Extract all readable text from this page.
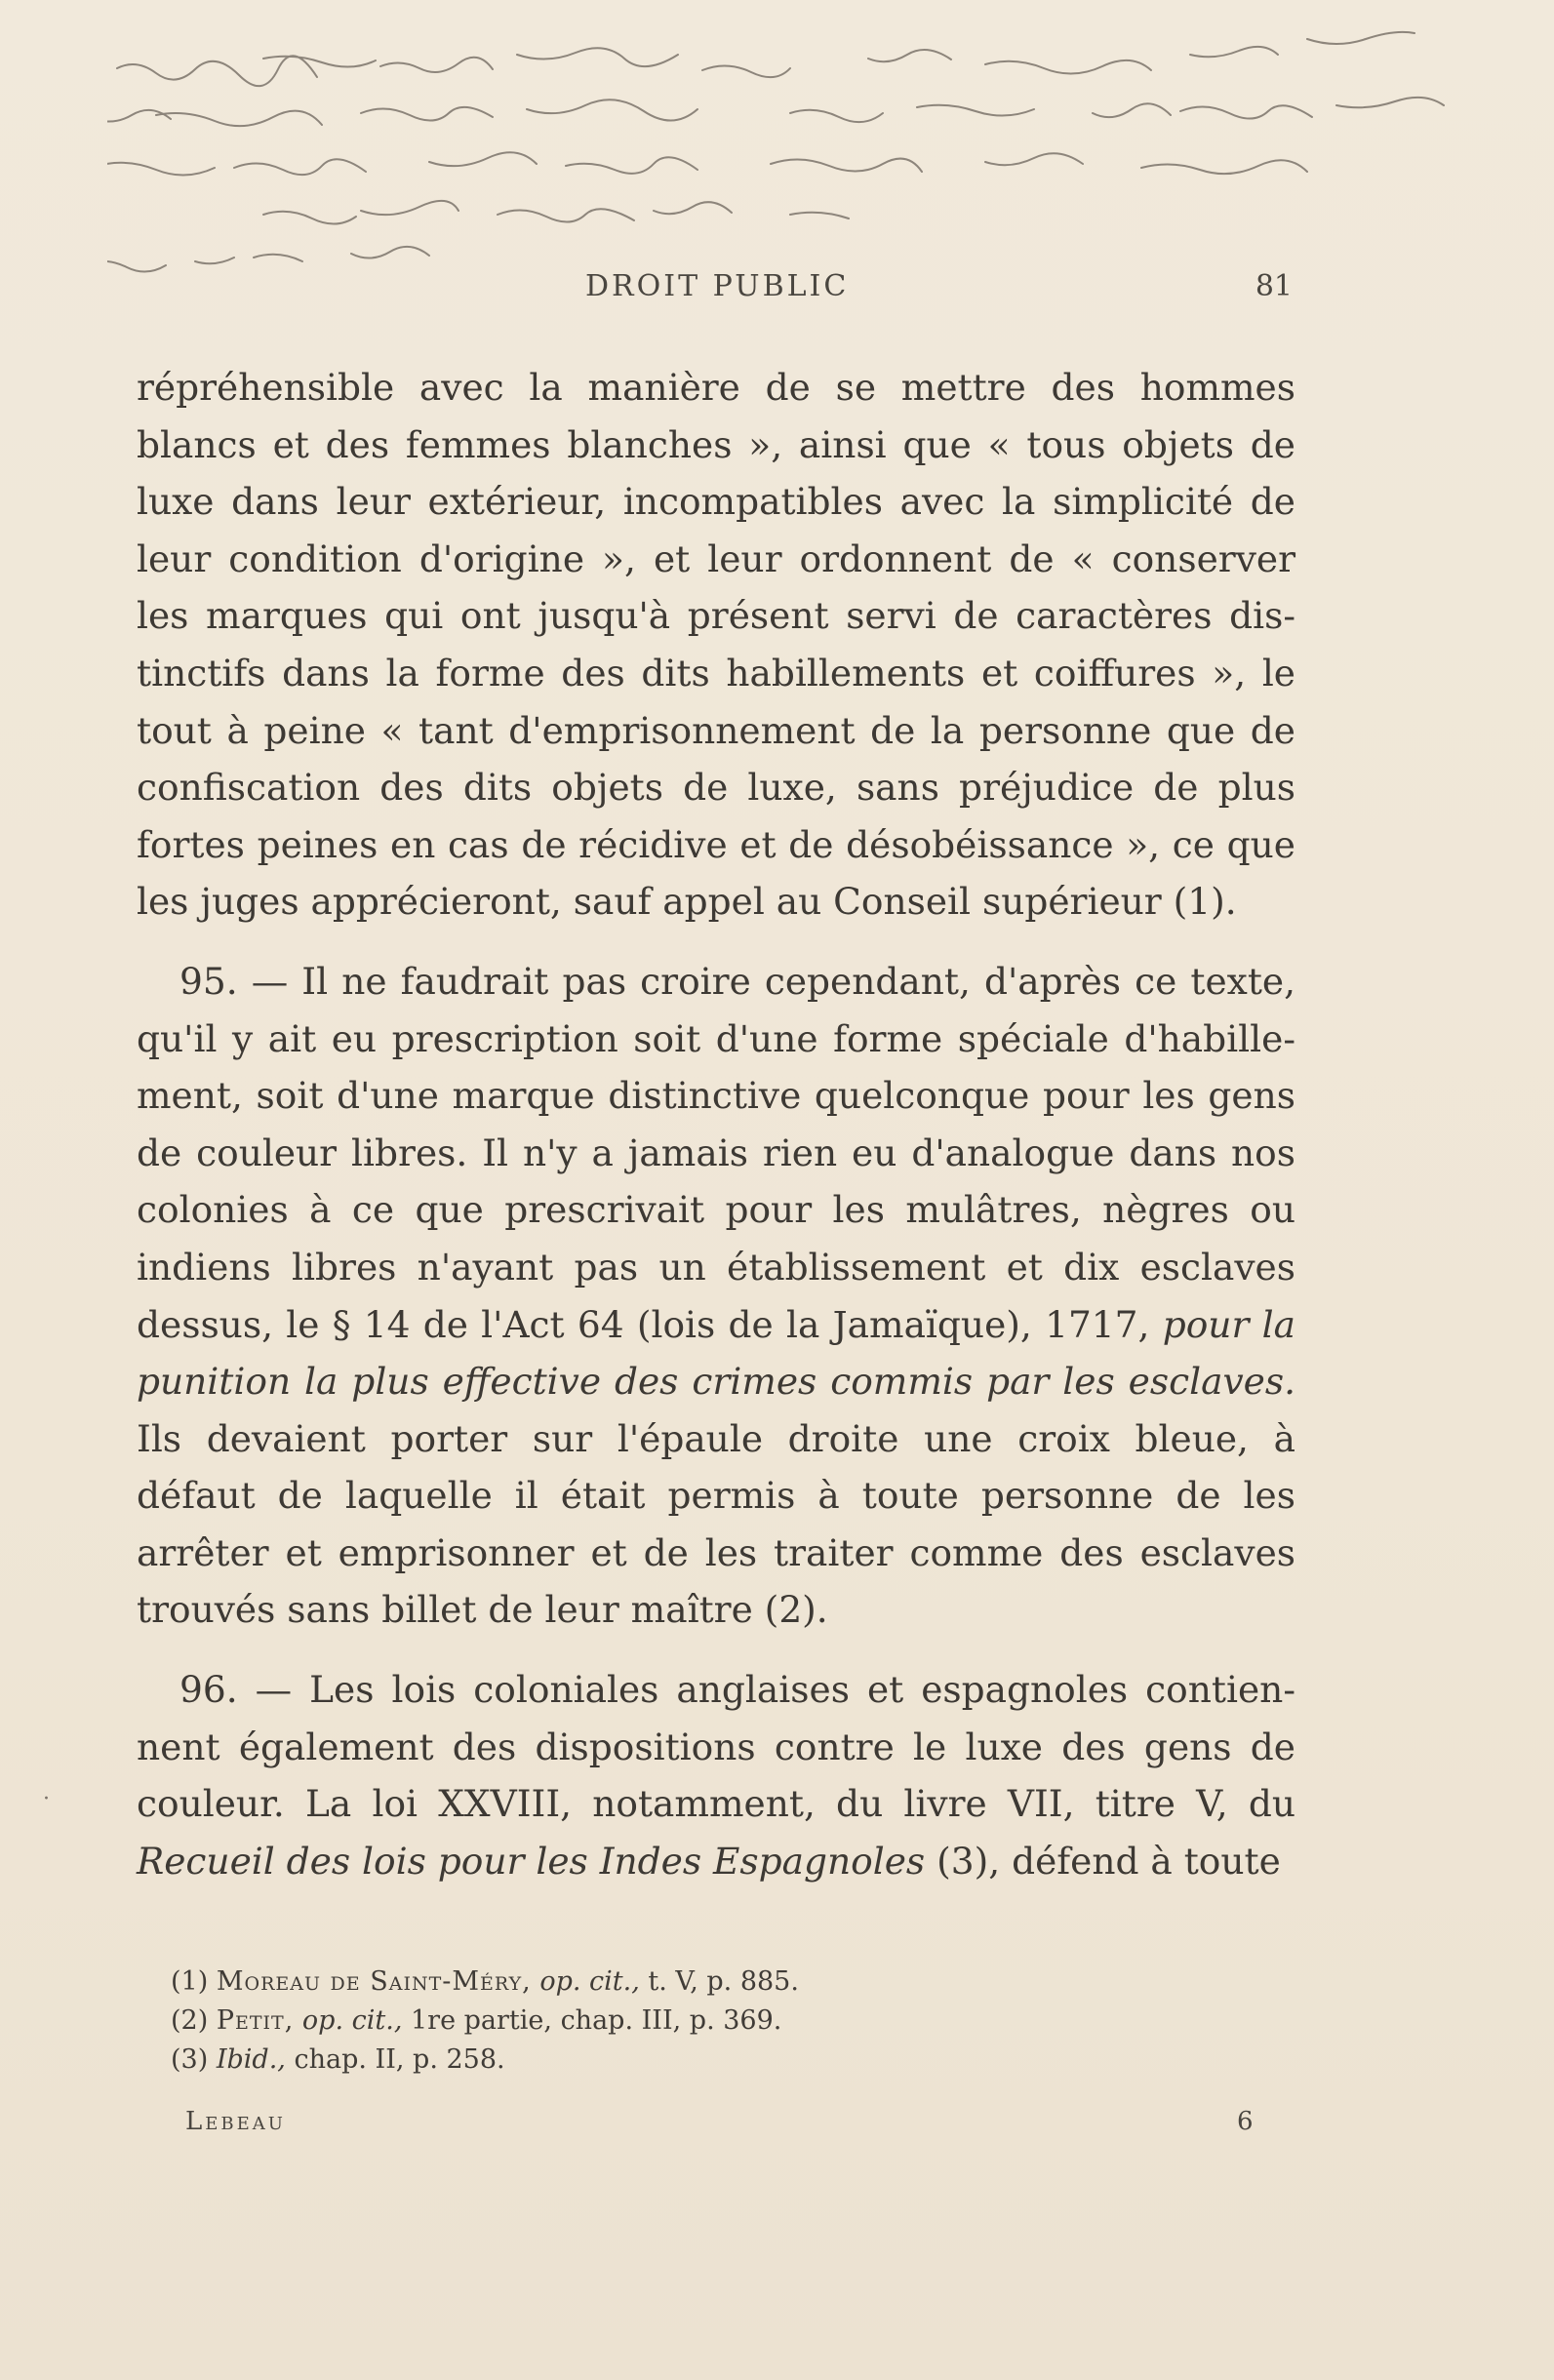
DROIT PUBLIC	81

répréhensible avec la manière de se mettre des hommes blancs et des femmes blanches », ainsi que « tous objets de luxe dans leur extérieur, incompatibles avec la simplicité de leur condition d'origine », et leur ordonnent de « conserver les marques qui ont jusqu'à présent servi de caractères dis-tinctifs dans la forme des dits habillements et coiffures », le tout à peine « tant d'emprisonnement de la personne que de confiscation des dits objets de luxe, sans préjudice de plus fortes peines en cas de récidive et de désobéissance », ce que les juges apprécieront, sauf appel au Conseil supérieur (1).

95. — Il ne faudrait pas croire cependant, d'après ce texte, qu'il y ait eu prescription soit d'une forme spéciale d'habille-ment, soit d'une marque distinctive quelconque pour les gens de couleur libres. Il n'y a jamais rien eu d'analogue dans nos colonies à ce que prescrivait pour les mulâtres, nègres ou indiens libres n'ayant pas un établissement et dix esclaves dessus, le § 14 de l'Act 64 (lois de la Jamaïque), 1717, pour la punition la plus effective des crimes commis par les esclaves. Ils devaient porter sur l'épaule droite une croix bleue, à défaut de laquelle il était permis à toute personne de les arrêter et emprisonner et de les traiter comme des esclaves trouvés sans billet de leur maître (2).

96. — Les lois coloniales anglaises et espagnoles contien-nent également des dispositions contre le luxe des gens de couleur. La loi XXVIII, notamment, du livre VII, titre V, du Recueil des lois pour les Indes Espagnoles (3), défend à toute

·
(1) Moreau de Saint-Méry, op. cit., t. V, p. 885.
(2) Petit, op. cit., 1re partie, chap. III, p. 369.
(3) Ibid., chap. II, p. 258.
Lebeau	6
